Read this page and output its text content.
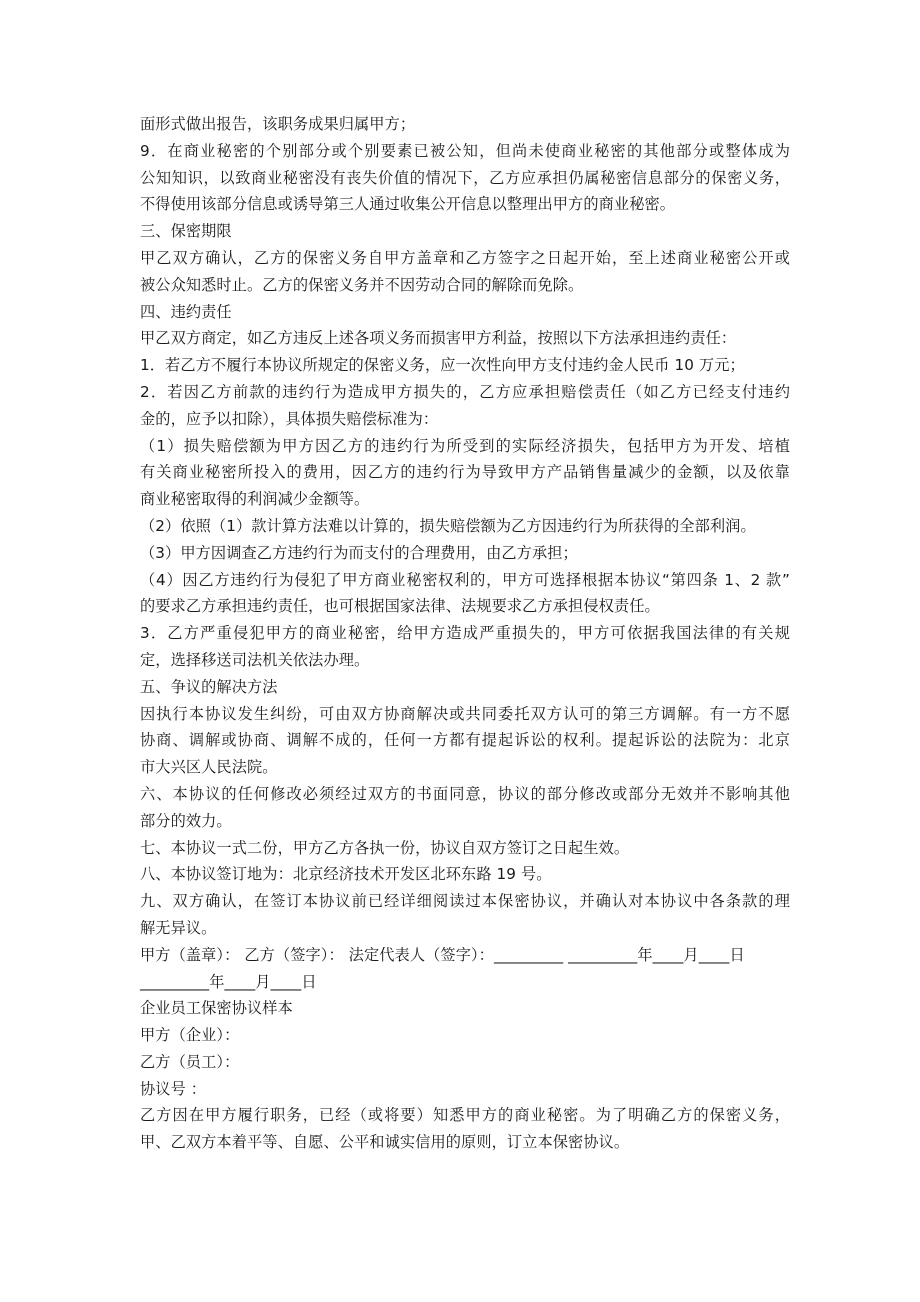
面形式做出报告，该职务成果归属甲方；
9．在商业秘密的个别部分或个别要素已被公知，但尚未使商业秘密的其他部分或整体成为
公知知识，以致商业秘密没有丧失价值的情况下，乙方应承担仍属秘密信息部分的保密义务，
不得使用该部分信息或诱导第三人通过收集公开信息以整理出甲方的商业秘密。
三、保密期限
甲乙双方确认，乙方的保密义务自甲方盖章和乙方签字之日起开始，至上述商业秘密公开或
被公众知悉时止。乙方的保密义务并不因劳动合同的解除而免除。
四、违约责任
甲乙双方商定，如乙方违反上述各项义务而损害甲方利益，按照以下方法承担违约责任：
1．若乙方不履行本协议所规定的保密义务，应一次性向甲方支付违约金人民币 10 万元；
2．若因乙方前款的违约行为造成甲方损失的，乙方应承担赔偿责任（如乙方已经支付违约
金的，应予以扣除），具体损失赔偿标准为：
（1）损失赔偿额为甲方因乙方的违约行为所受到的实际经济损失，包括甲方为开发、培植
有关商业秘密所投入的费用，因乙方的违约行为导致甲方产品销售量减少的金额，以及依靠
商业秘密取得的利润减少金额等。
（2）依照（1）款计算方法难以计算的，损失赔偿额为乙方因违约行为所获得的全部利润。
（3）甲方因调查乙方违约行为而支付的合理费用，由乙方承担；
（4）因乙方违约行为侵犯了甲方商业秘密权利的，甲方可选择根据本协议“第四条 1、2 款”
的要求乙方承担违约责任，也可根据国家法律、法规要求乙方承担侵权责任。
3．乙方严重侵犯甲方的商业秘密，给甲方造成严重损失的，甲方可依据我国法律的有关规
定，选择移送司法机关依法办理。
五、争议的解决方法
因执行本协议发生纠纷，可由双方协商解决或共同委托双方认可的第三方调解。有一方不愿
协商、调解或协商、调解不成的，任何一方都有提起诉讼的权利。提起诉讼的法院为：北京
市大兴区人民法院。
六、本协议的任何修改必须经过双方的书面同意，协议的部分修改或部分无效并不影响其他
部分的效力。
七、本协议一式二份，甲方乙方各执一份，协议自双方签订之日起生效。
八、本协议签订地为：北京经济技术开发区北环东路 19 号。
九、双方确认，在签订本协议前已经详细阅读过本保密协议，并确认对本协议中各条款的理
解无异议。
甲方（盖章）： 乙方（签字）： 法定代表人（签字）：_________ _________年____月____日
_________年____月____日
企业员工保密协议样本
甲方（企业）：
乙方（员工）：
协议号 ：
乙方因在甲方履行职务，已经（或将要）知悉甲方的商业秘密。为了明确乙方的保密义务，
甲、乙双方本着平等、自愿、公平和诚实信用的原则，订立本保密协议。
